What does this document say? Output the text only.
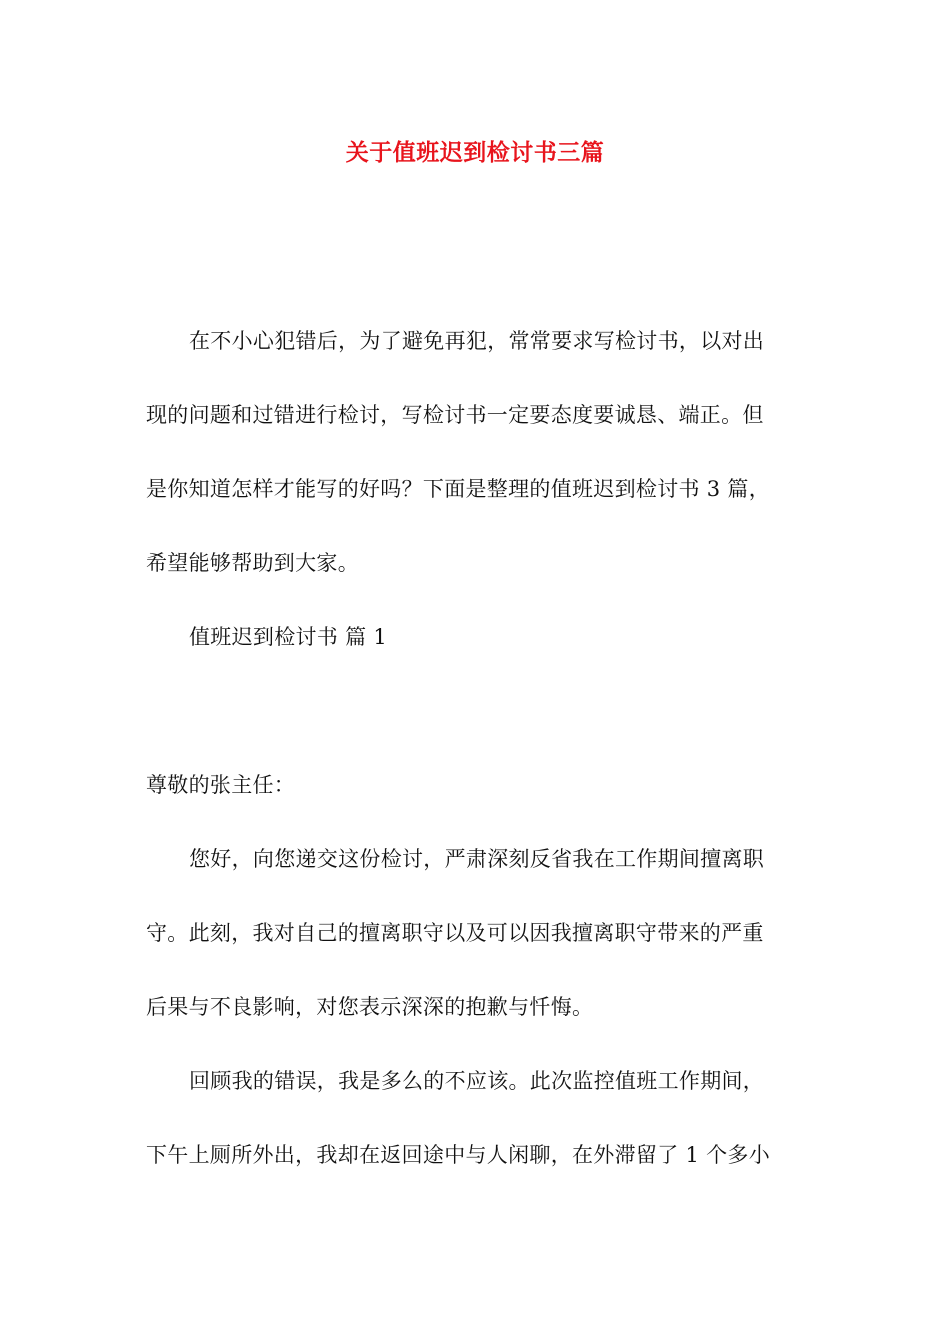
关于值班迟到检讨书三篇
在不小心犯错后，为了避免再犯，常常要求写检讨书，以对出
现的问题和过错进行检讨，写检讨书一定要态度要诚恳、端正。但
是你知道怎样才能写的好吗？下面是整理的值班迟到检讨书 3 篇，
希望能够帮助到大家。
值班迟到检讨书 篇 1
尊敬的张主任：
您好，向您递交这份检讨，严肃深刻反省我在工作期间擅离职
守。此刻，我对自己的擅离职守以及可以因我擅离职守带来的严重
后果与不良影响，对您表示深深的抱歉与忏悔。
回顾我的错误，我是多么的不应该。此次监控值班工作期间，
下午上厕所外出，我却在返回途中与人闲聊，在外滞留了 1 个多小
